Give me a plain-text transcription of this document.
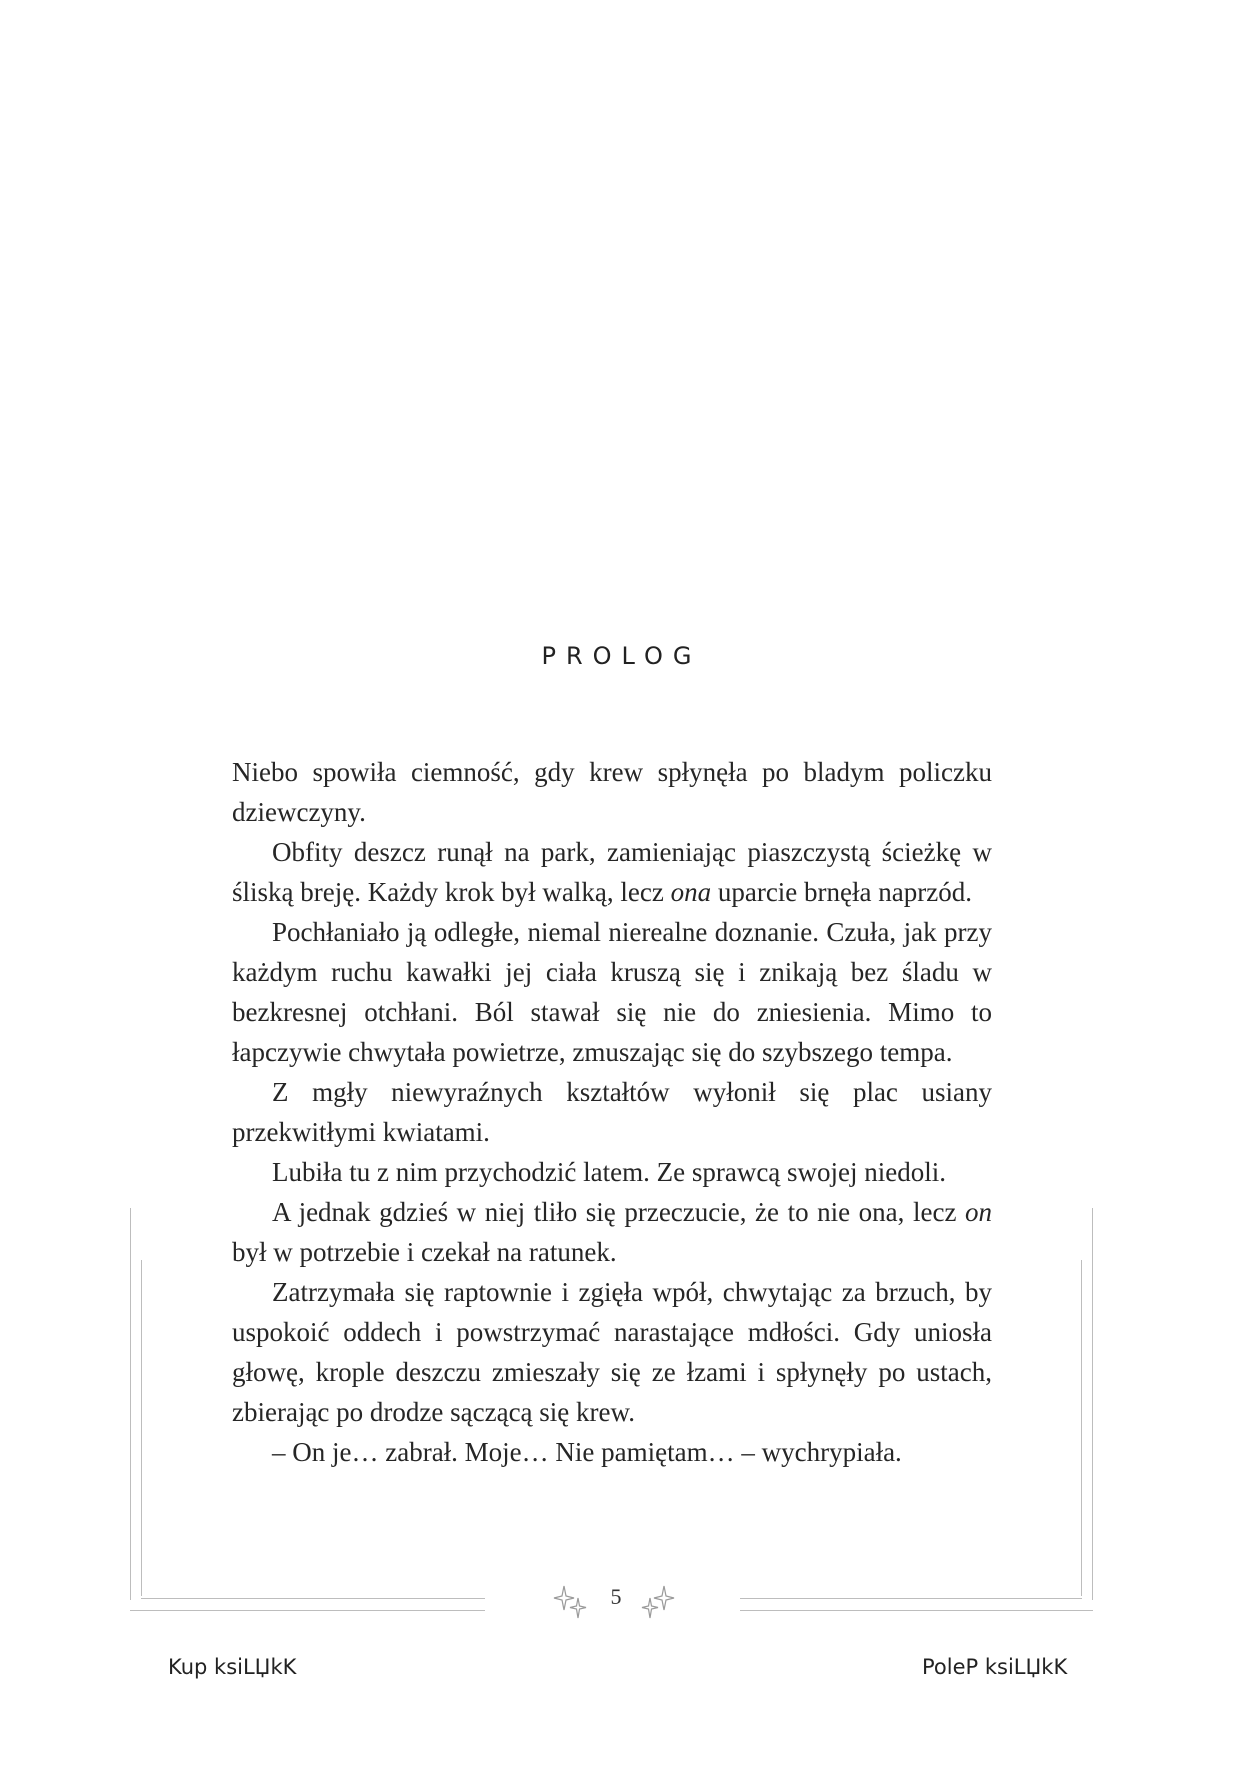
PROLOG

Niebo spowiła ciemność, gdy krew spłynęła po bladym policzku dziewczyny.

Obfity deszcz runął na park, zamieniając piaszczystą ścieżkę w śliską breję. Każdy krok był walką, lecz ona uparcie brnęła naprzód.

Pochłaniało ją odległe, niemal nierealne doznanie. Czuła, jak przy każdym ruchu kawałki jej ciała kruszą się i znikają bez śladu w bezkresnej otchłani. Ból stawał się nie do zniesienia. Mimo to łapczywie chwytała powietrze, zmuszając się do szybszego tempa.

Z mgły niewyraźnych kształtów wyłonił się plac usiany przekwitłymi kwiatami.

Lubiła tu z nim przychodzić latem. Ze sprawcą swojej niedoli.

A jednak gdzieś w niej tliło się przeczucie, że to nie ona, lecz on był w potrzebie i czekał na ratunek.

Zatrzymała się raptownie i zgięła wpół, chwytając za brzuch, by uspokoić oddech i powstrzymać narastające mdłości. Gdy uniosła głowę, krople deszczu zmieszały się ze łzami i spłynęły po ustach, zbierając po drodze sączącą się krew.

– On je… zabrał. Moje… Nie pamiętam… – wychrypiała.

5
Kup ksiLЏkK	PoleP ksiLЏkK
